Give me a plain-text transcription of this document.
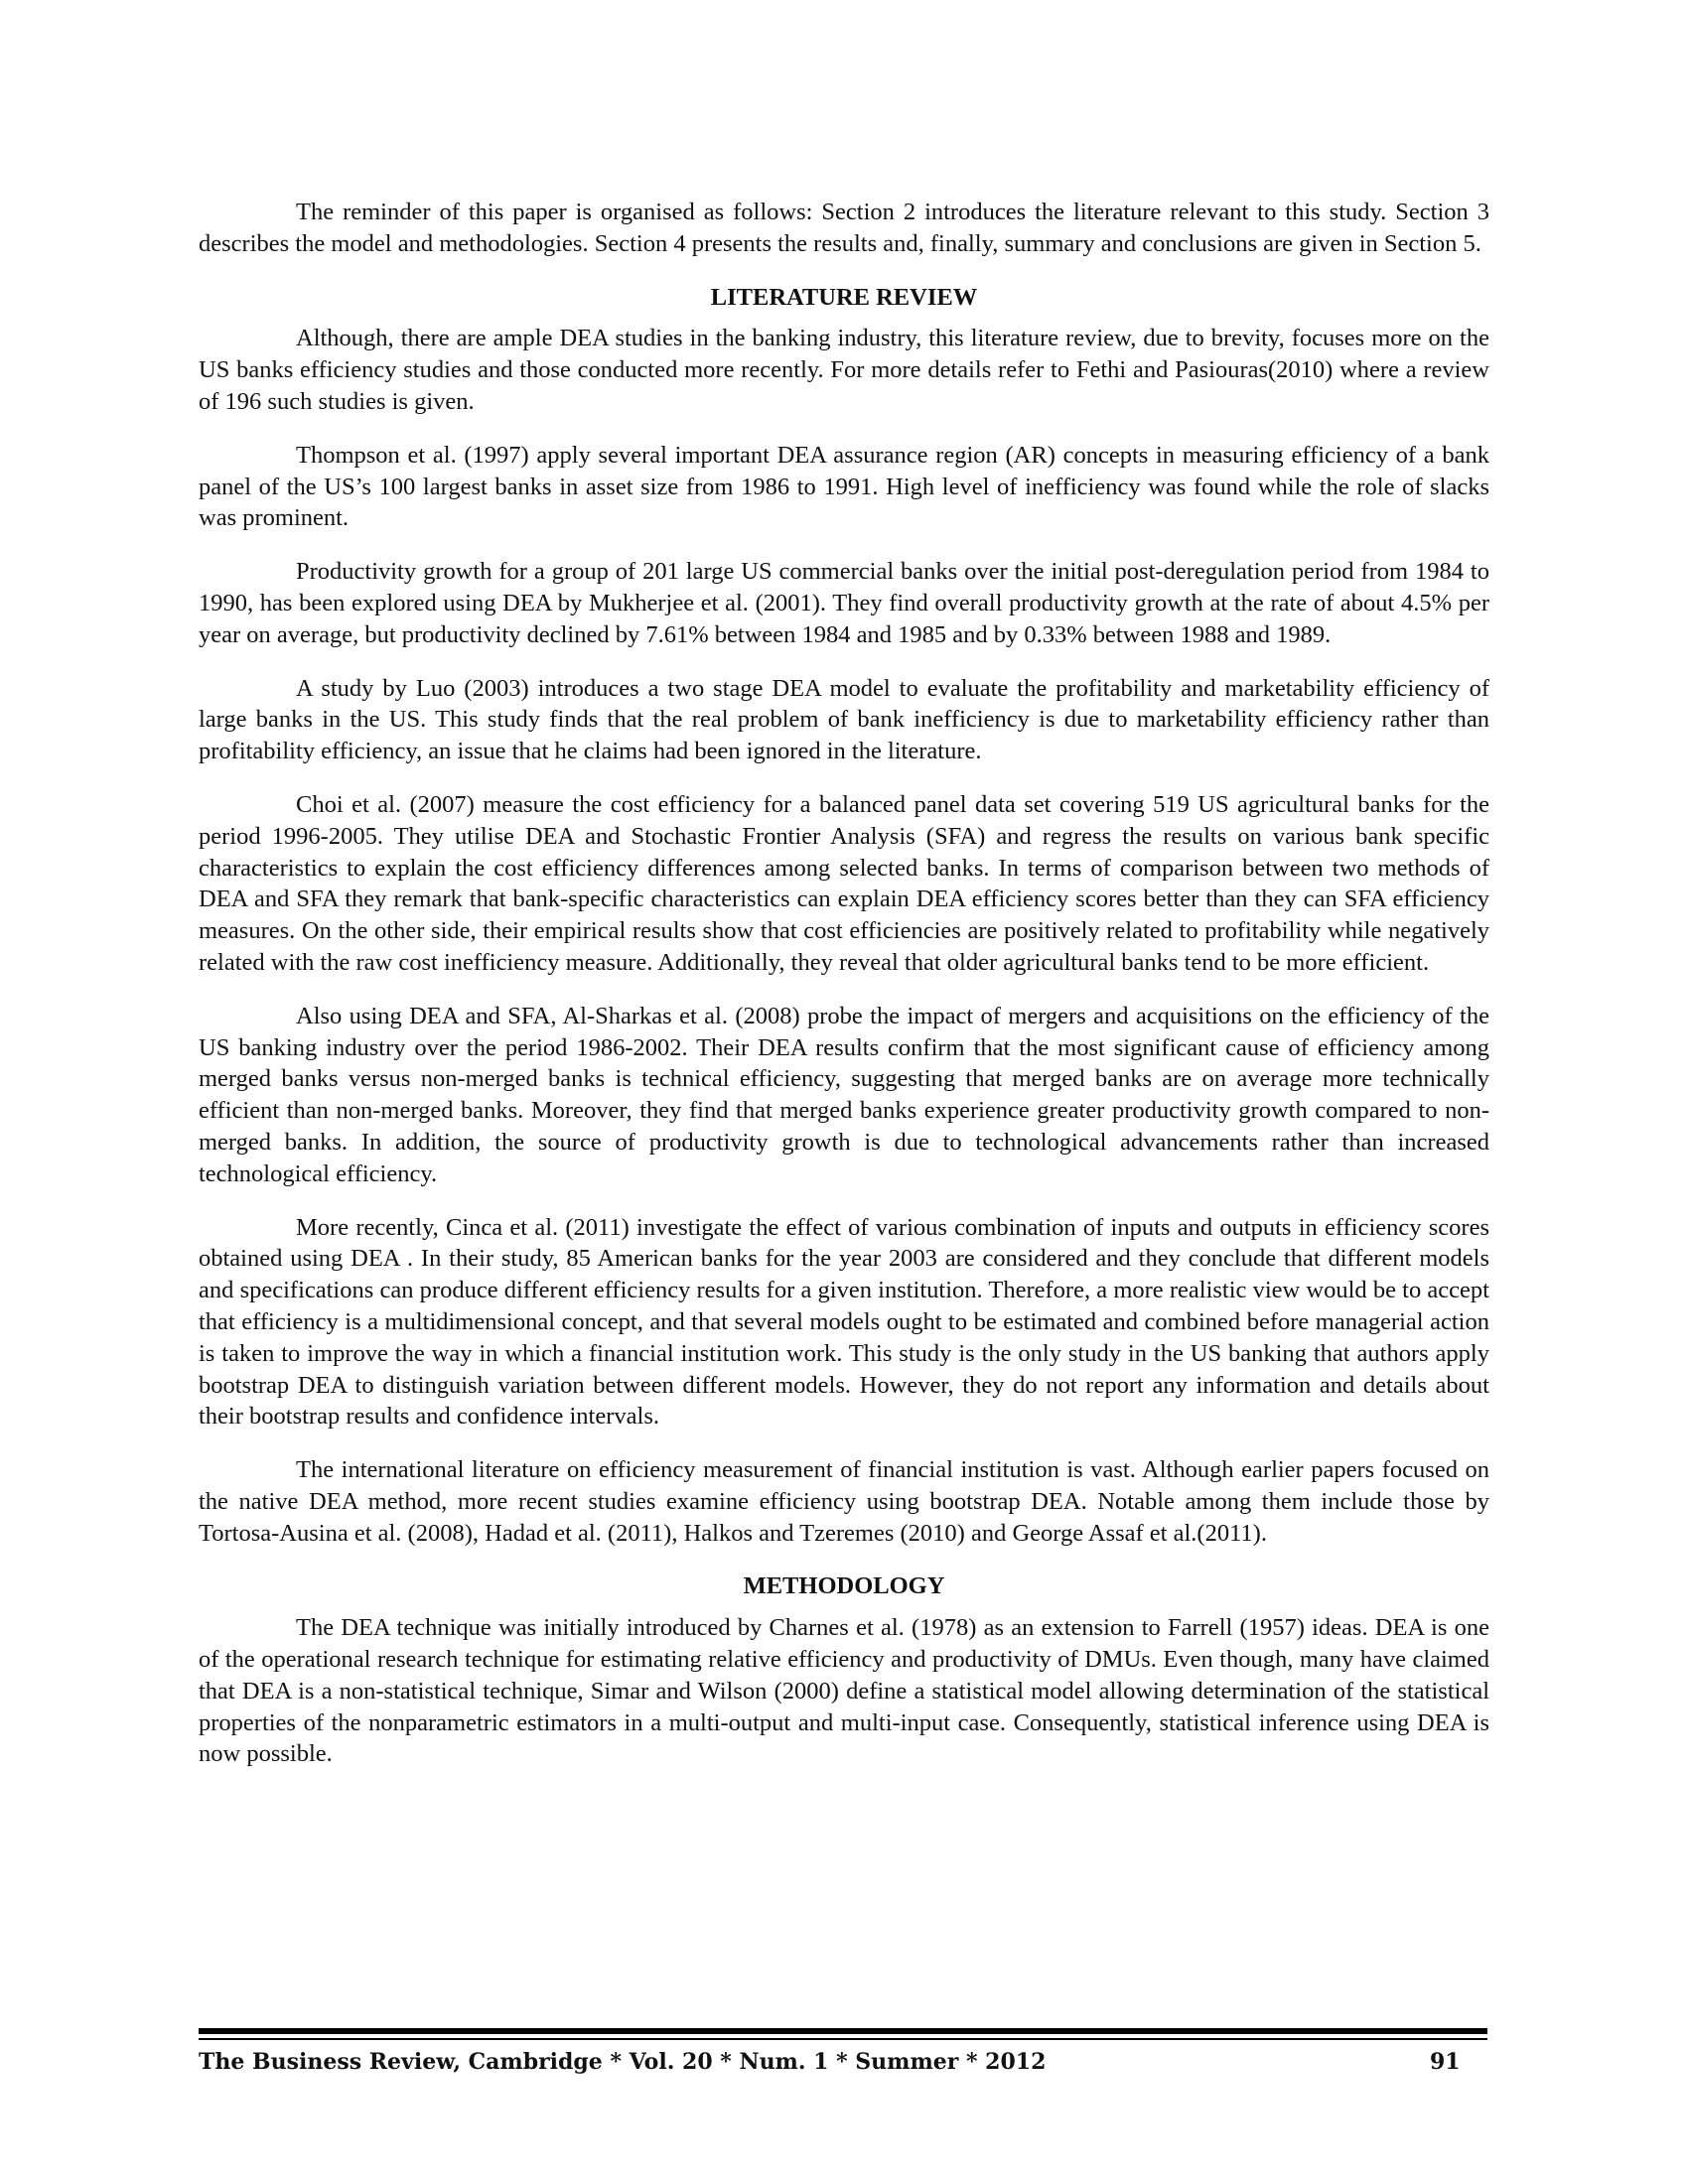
The reminder of this paper is organised as follows: Section 2 introduces the literature relevant to this study. Section 3 describes the model and methodologies. Section 4 presents the results and, finally, summary and conclusions are given in Section 5.

LITERATURE REVIEW

Although, there are ample DEA studies in the banking industry, this literature review, due to brevity, focuses more on the US banks efficiency studies and those conducted more recently. For more details refer to Fethi and Pasiouras(2010) where a review of 196 such studies is given.

Thompson et al. (1997) apply several important DEA assurance region (AR) concepts in measuring efficiency of a bank panel of the US’s 100 largest banks in asset size from 1986 to 1991. High level of inefficiency was found while the role of slacks was prominent.

Productivity growth for a group of 201 large US commercial banks over the initial post-deregulation period from 1984 to 1990, has been explored using DEA by Mukherjee et al. (2001). They find overall productivity growth at the rate of about 4.5% per year on average, but productivity declined by 7.61% between 1984 and 1985 and by 0.33% between 1988 and 1989.

A study by Luo (2003) introduces a two stage DEA model to evaluate the profitability and marketability efficiency of large banks in the US. This study finds that the real problem of bank inefficiency is due to marketability efficiency rather than profitability efficiency, an issue that he claims had been ignored in the literature.

Choi et al. (2007) measure the cost efficiency for a balanced panel data set covering 519 US agricultural banks for the period 1996-2005. They utilise DEA and Stochastic Frontier Analysis (SFA) and regress the results on various bank specific characteristics to explain the cost efficiency differences among selected banks. In terms of comparison between two methods of DEA and SFA they remark that bank-specific characteristics can explain DEA efficiency scores better than they can SFA efficiency measures. On the other side, their empirical results show that cost efficiencies are positively related to profitability while negatively related with the raw cost inefficiency measure. Additionally, they reveal that older agricultural banks tend to be more efficient.

Also using DEA and SFA, Al-Sharkas et al. (2008) probe the impact of mergers and acquisitions on the efficiency of the US banking industry over the period 1986-2002. Their DEA results confirm that the most significant cause of efficiency among merged banks versus non-merged banks is technical efficiency, suggesting that merged banks are on average more technically efficient than non-merged banks. Moreover, they find that merged banks experience greater productivity growth compared to non-merged banks. In addition, the source of productivity growth is due to technological advancements rather than increased technological efficiency.

More recently, Cinca et al. (2011) investigate the effect of various combination of inputs and outputs in efficiency scores obtained using DEA . In their study, 85 American banks for the year 2003 are considered and they conclude that different models and specifications can produce different efficiency results for a given institution. Therefore, a more realistic view would be to accept that efficiency is a multidimensional concept, and that several models ought to be estimated and combined before managerial action is taken to improve the way in which a financial institution work. This study is the only study in the US banking that authors apply bootstrap DEA to distinguish variation between different models. However, they do not report any information and details about their bootstrap results and confidence intervals.

The international literature on efficiency measurement of financial institution is vast. Although earlier papers focused on the native DEA method, more recent studies examine efficiency using bootstrap DEA. Notable among them include those by Tortosa-Ausina et al. (2008), Hadad et al. (2011), Halkos and Tzeremes (2010) and George Assaf et al.(2011).

METHODOLOGY

The DEA technique was initially introduced by Charnes et al. (1978) as an extension to Farrell (1957) ideas. DEA is one of the operational research technique for estimating relative efficiency and productivity of DMUs. Even though, many have claimed that DEA is a non-statistical technique, Simar and Wilson (2000) define a statistical model allowing determination of the statistical properties of the nonparametric estimators in a multi-output and multi-input case. Consequently, statistical inference using DEA is now possible.

The Business Review, Cambridge * Vol. 20 * Num. 1 * Summer * 2012	91
